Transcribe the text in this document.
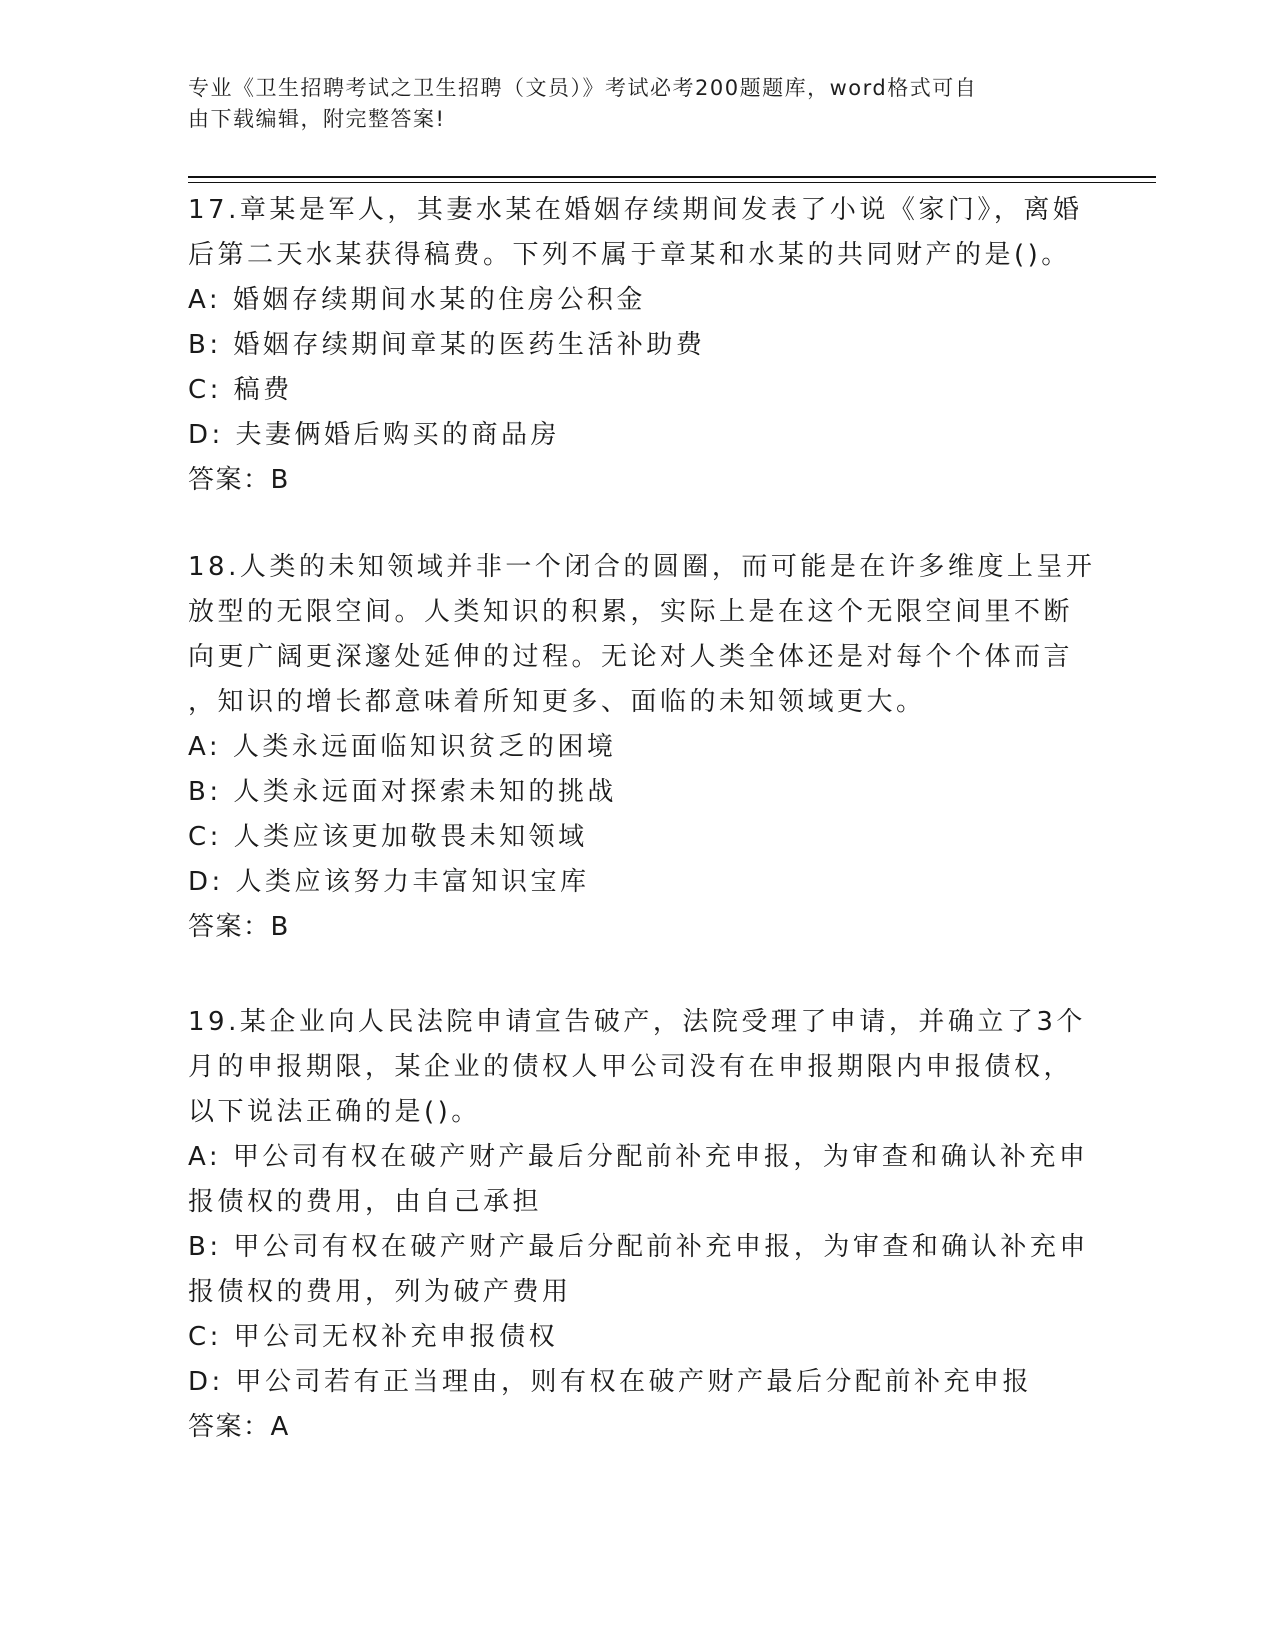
专业《卫生招聘考试之卫生招聘（文员）》考试必考200题题库，word格式可自

由下载编辑，附完整答案!

17.章某是军人，其妻水某在婚姻存续期间发表了小说《家门》，离婚

后第二天水某获得稿费。下列不属于章某和水某的共同财产的是()。

A: 婚姻存续期间水某的住房公积金

B: 婚姻存续期间章某的医药生活补助费

C: 稿费

D: 夫妻俩婚后购买的商品房

答案：B

18.人类的未知领域并非一个闭合的圆圈，而可能是在许多维度上呈开

放型的无限空间。人类知识的积累，实际上是在这个无限空间里不断

向更广阔更深邃处延伸的过程。无论对人类全体还是对每个个体而言

，知识的增长都意味着所知更多、面临的未知领域更大。

A: 人类永远面临知识贫乏的困境

B: 人类永远面对探索未知的挑战

C: 人类应该更加敬畏未知领域

D: 人类应该努力丰富知识宝库

答案：B

19.某企业向人民法院申请宣告破产，法院受理了申请，并确立了3个

月的申报期限，某企业的债权人甲公司没有在申报期限内申报债权，

以下说法正确的是()。

A: 甲公司有权在破产财产最后分配前补充申报，为审查和确认补充申

报债权的费用，由自己承担

B: 甲公司有权在破产财产最后分配前补充申报，为审查和确认补充申

报债权的费用，列为破产费用

C: 甲公司无权补充申报债权

D: 甲公司若有正当理由，则有权在破产财产最后分配前补充申报

答案：A
